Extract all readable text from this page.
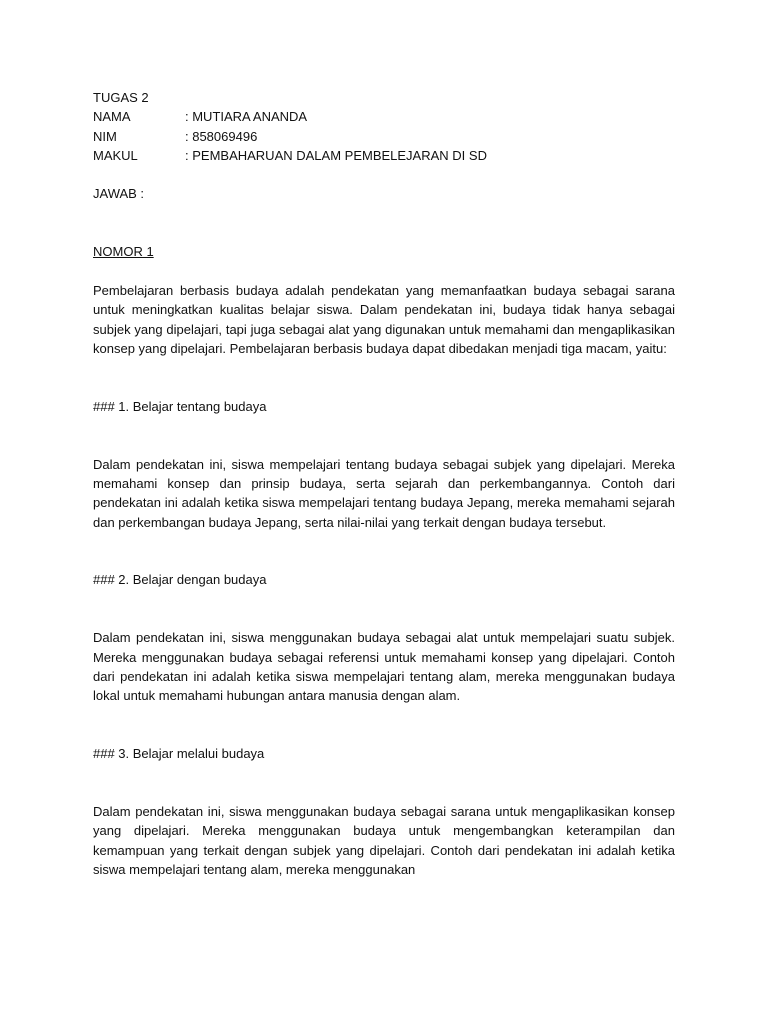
TUGAS 2
NAMA	: MUTIARA ANANDA
NIM	: 858069496
MAKUL	: PEMBAHARUAN DALAM PEMBELEJARAN DI SD
JAWAB :
NOMOR 1

Pembelajaran berbasis budaya adalah pendekatan yang memanfaatkan budaya sebagai sarana untuk meningkatkan kualitas belajar siswa. Dalam pendekatan ini, budaya tidak hanya sebagai subjek yang dipelajari, tapi juga sebagai alat yang digunakan untuk memahami dan mengaplikasikan konsep yang dipelajari. Pembelajaran berbasis budaya dapat dibedakan menjadi tiga macam, yaitu:

### 1. Belajar tentang budaya

Dalam pendekatan ini, siswa mempelajari tentang budaya sebagai subjek yang dipelajari. Mereka memahami konsep dan prinsip budaya, serta sejarah dan perkembangannya. Contoh dari pendekatan ini adalah ketika siswa mempelajari tentang budaya Jepang, mereka memahami sejarah dan perkembangan budaya Jepang, serta nilai-nilai yang terkait dengan budaya tersebut.

### 2. Belajar dengan budaya

Dalam pendekatan ini, siswa menggunakan budaya sebagai alat untuk mempelajari suatu subjek. Mereka menggunakan budaya sebagai referensi untuk memahami konsep yang dipelajari. Contoh dari pendekatan ini adalah ketika siswa mempelajari tentang alam, mereka menggunakan budaya lokal untuk memahami hubungan antara manusia dengan alam.

### 3. Belajar melalui budaya

Dalam pendekatan ini, siswa menggunakan budaya sebagai sarana untuk mengaplikasikan konsep yang dipelajari. Mereka menggunakan budaya untuk mengembangkan keterampilan dan kemampuan yang terkait dengan subjek yang dipelajari. Contoh dari pendekatan ini adalah ketika siswa mempelajari tentang alam, mereka menggunakan
